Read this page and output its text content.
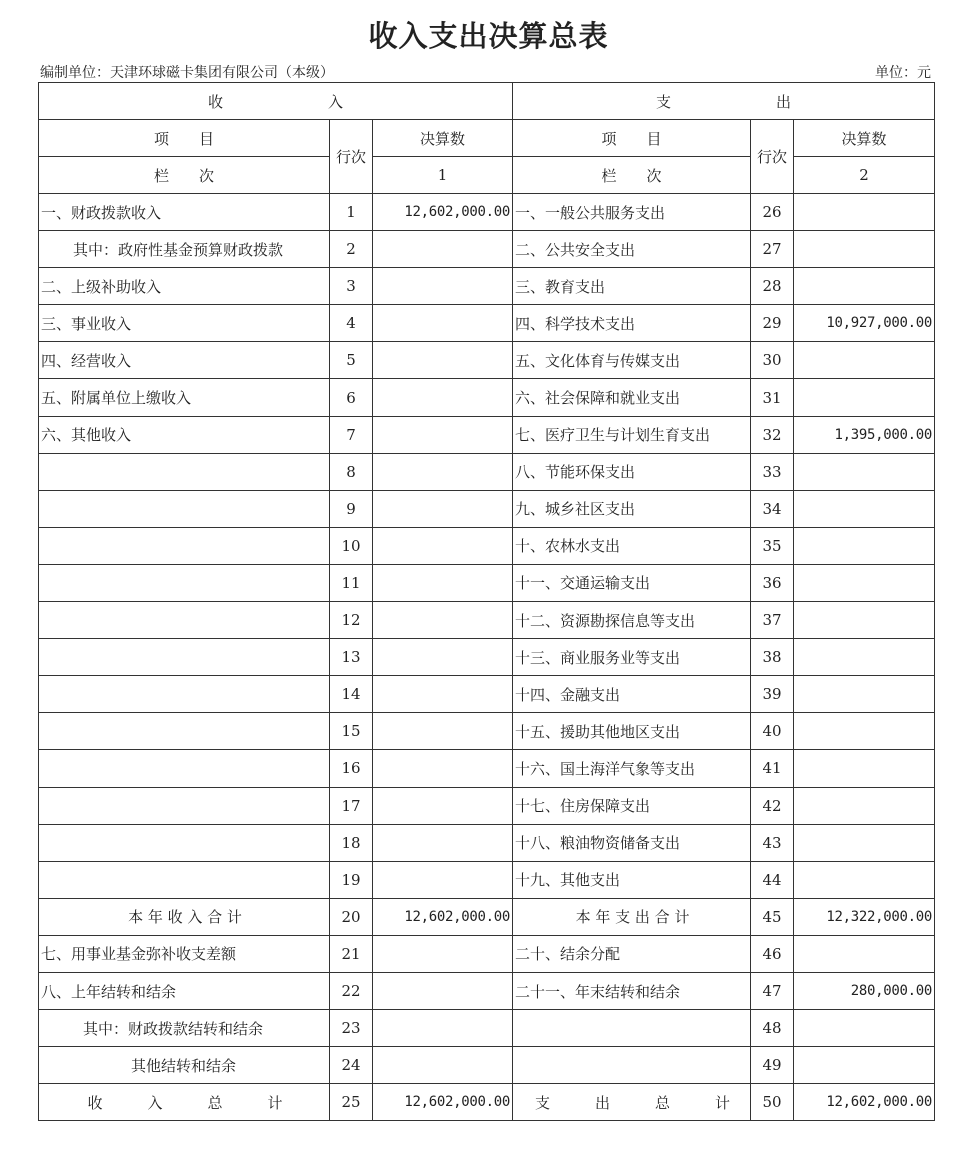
收入支出决算总表
编制单位：天津环球磁卡集团有限公司（本级）	单位：元
收　　　　　　　入			支　　　　　　　出		
项　　目	行次	决算数	项　　目	行次	决算数
栏　　次		1	栏　　次		2
一、财政拨款收入	1	12,602,000.00	一、一般公共服务支出	26	
其中：政府性基金预算财政拨款	2		二、公共安全支出	27	
二、上级补助收入	3		三、教育支出	28	
三、事业收入	4		四、科学技术支出	29	10,927,000.00
四、经营收入	5		五、文化体育与传媒支出	30	
五、附属单位上缴收入	6		六、社会保障和就业支出	31	
六、其他收入	7		七、医疗卫生与计划生育支出	32	1,395,000.00
	8		八、节能环保支出	33	
	9		九、城乡社区支出	34	
	10		十、农林水支出	35	
	11		十一、交通运输支出	36	
	12		十二、资源勘探信息等支出	37	
	13		十三、商业服务业等支出	38	
	14		十四、金融支出	39	
	15		十五、援助其他地区支出	40	
	16		十六、国土海洋气象等支出	41	
	17		十七、住房保障支出	42	
	18		十八、粮油物资储备支出	43	
	19		十九、其他支出	44	
本 年 收 入 合 计	20	12,602,000.00	本 年 支 出 合 计	45	12,322,000.00
七、用事业基金弥补收支差额	21		二十、结余分配	46	
八、上年结转和结余	22		二十一、年末结转和结余	47	280,000.00
其中：财政拨款结转和结余	23			48	
其他结转和结余	24			49	
收　　　入　　　总　　　计	25	12,602,000.00	支　　　出　　　总　　　计	50	12,602,000.00
